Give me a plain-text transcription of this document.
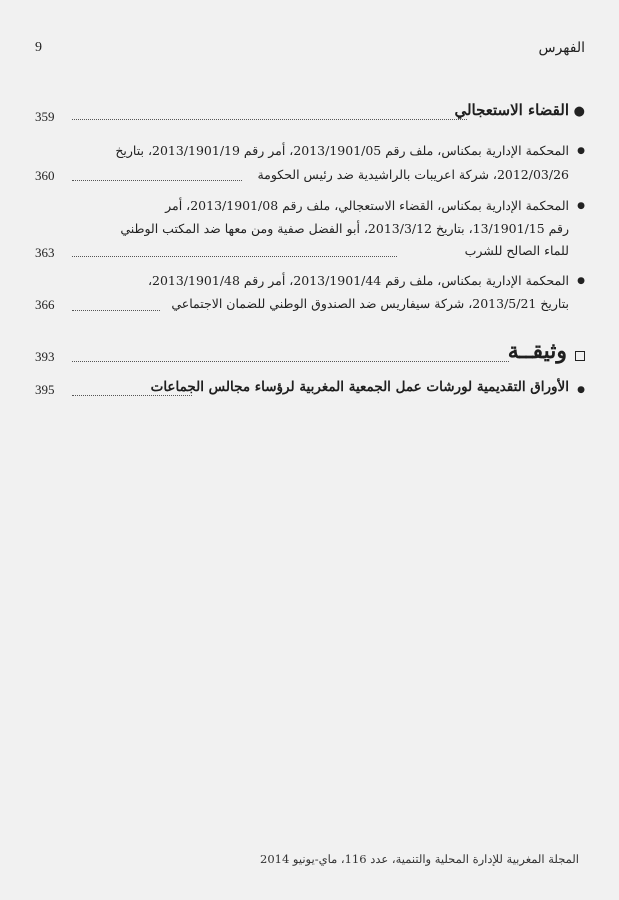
الفهرس
9
●
القضاء الاستعجالي
359
●
المحكمة الإدارية بمكناس، ملف رقم 2013/1901/05، أمر رقم 2013/1901/19، بتاريخ
2012/03/26، شركة اعريبات بالراشيدية ضد رئيس الحكومة
360
●
المحكمة الإدارية بمكناس، القضاء الاستعجالي، ملف رقم 2013/1901/08، أمر
رقم 13/1901/15، بتاريخ 2013/3/12، أبو الفضل صفية ومن معها ضد المكتب الوطني
للماء الصالح للشرب
363
●
المحكمة الإدارية بمكناس، ملف رقم 2013/1901/44، أمر رقم 2013/1901/48،
بتاريخ 2013/5/21، شركة سيفاريس ضد الصندوق الوطني للضمان الاجتماعي
366
وثيقــة
393
●
الأوراق التقديمية لورشات عمل الجمعية المغربية لرؤساء مجالس الجماعات
395
المجلة المغربية للإدارة المحلية والتنمية، عدد 116، ماي-يونيو 2014
